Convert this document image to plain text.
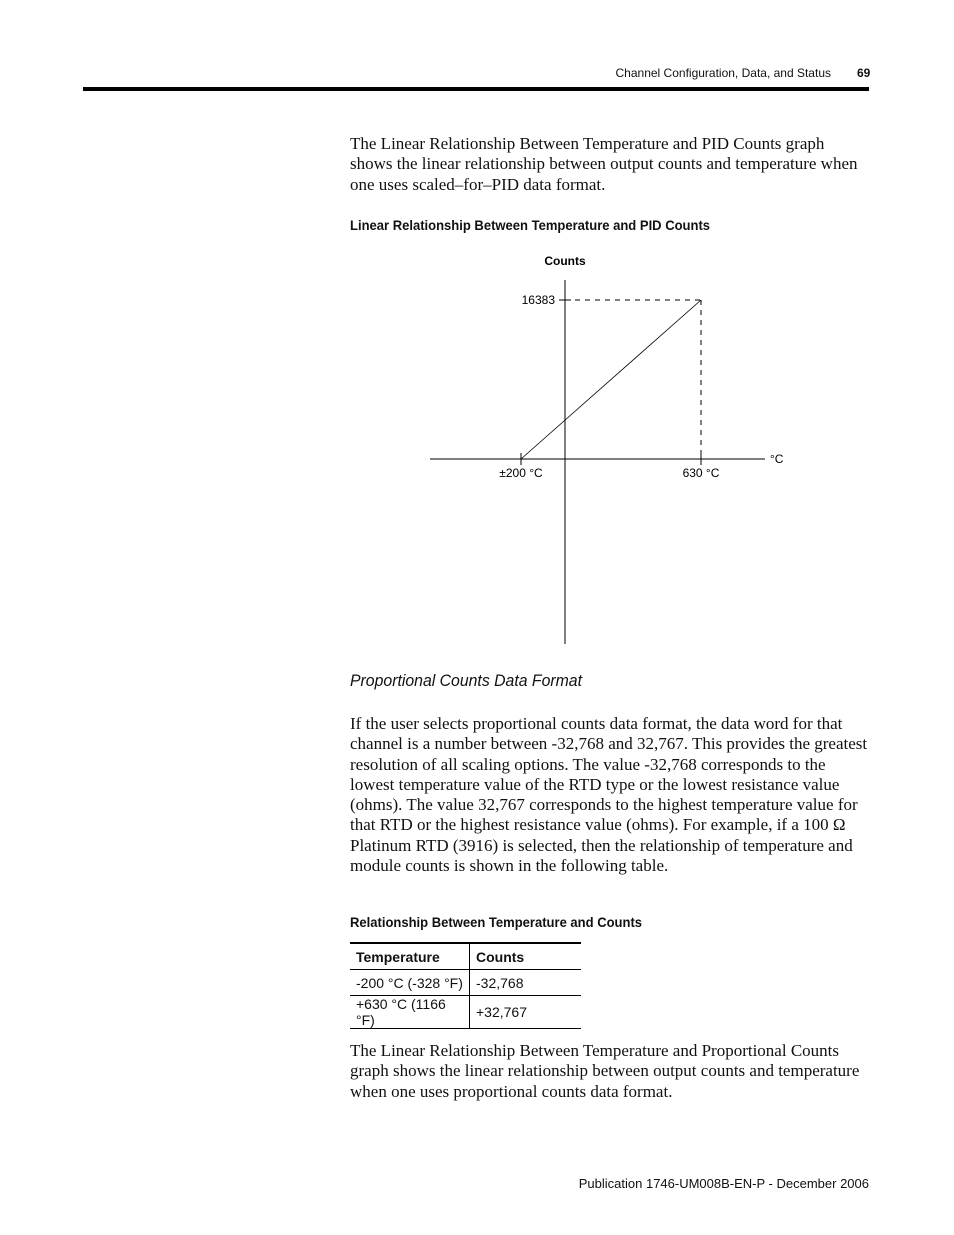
Channel Configuration, Data, and Status 69

The Linear Relationship Between Temperature and PID Counts graph shows the linear relationship between output counts and temperature when one uses scaled–for–PID data format.

Linear Relationship Between Temperature and PID Counts
Counts
°C
±200 °C	630 °C
16383
Proportional Counts Data Format

If the user selects proportional counts data format, the data word for that channel is a number between -32,768 and 32,767. This provides the greatest resolution of all scaling options. The value -32,768 corresponds to the lowest temperature value of the RTD type or the lowest resistance value (ohms). The value 32,767 corresponds to the highest temperature value for that RTD or the highest resistance value (ohms). For example, if a 100 Ω Platinum RTD (3916) is selected, then the relationship of temperature and module counts is shown in the following table.

Relationship Between Temperature and Counts
Temperature	Counts
-200 °C (-328 °F)	-32,768
+630 °C (1166 °F)	+32,767

The Linear Relationship Between Temperature and Proportional Counts graph shows the linear relationship between output counts and temperature when one uses proportional counts data format.

Publication 1746-UM008B-EN-P - December 2006
